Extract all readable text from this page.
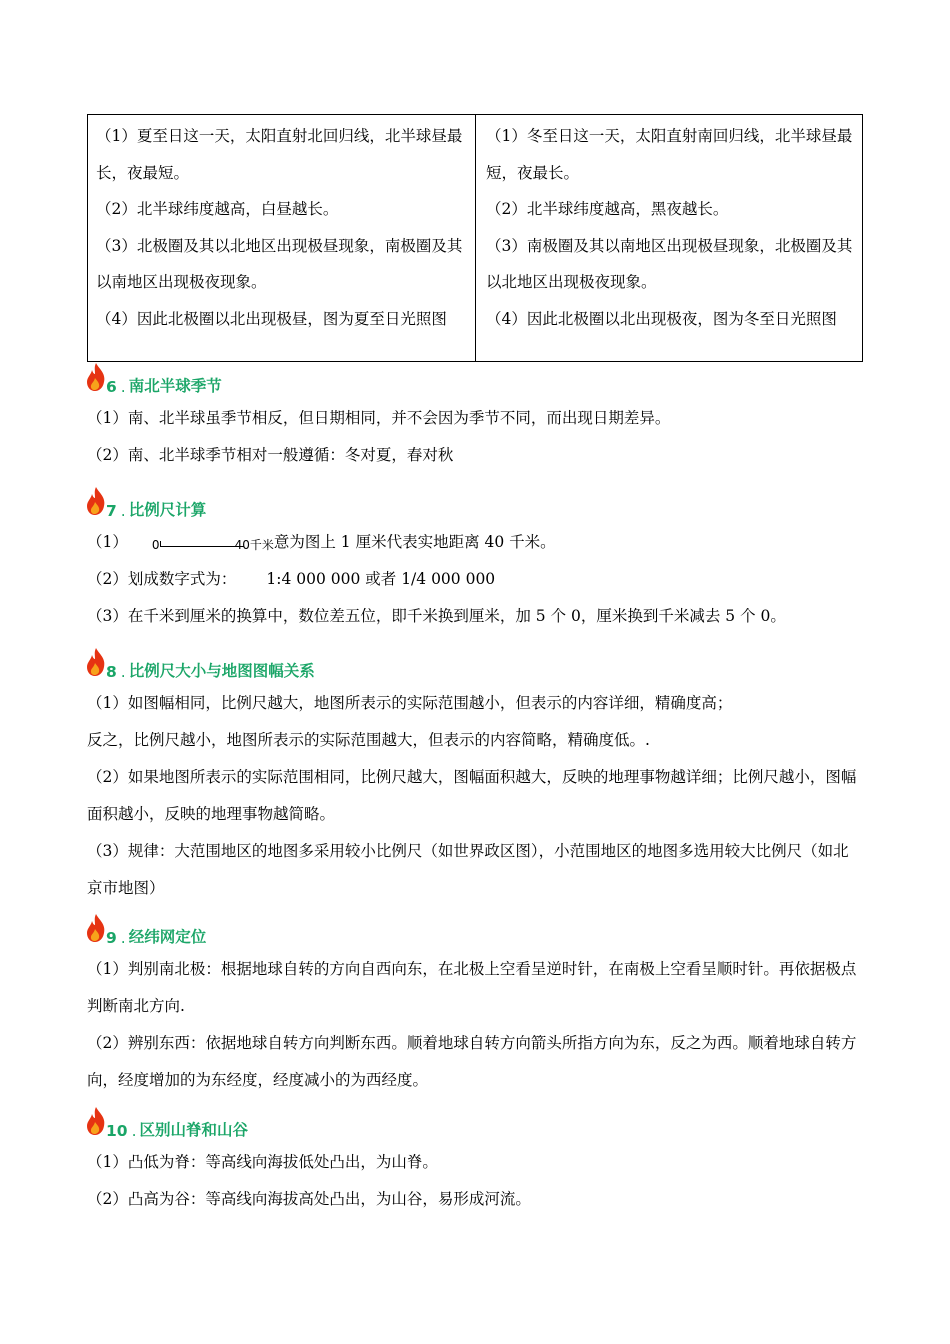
（1）夏至日这一天，太阳直射北回归线，北半球昼最长，夜最短。

（2）北半球纬度越高，白昼越长。

（3）北极圈及其以北地区出现极昼现象，南极圈及其以南地区出现极夜现象。

（4）因此北极圈以北出现极昼，图为夏至日光照图

（1）冬至日这一天，太阳直射南回归线，北半球昼最短，夜最长。

（2）北半球纬度越高，黑夜越长。

（3）南极圈及其以南地区出现极昼现象，北极圈及其以北地区出现极夜现象。

（4）因此北极圈以北出现极夜，图为冬至日光照图

6 . 南北半球季节

（1）南、北半球虽季节相反，但日期相同，并不会因为季节不同，而出现日期差异。

（2）南、北半球季节相对一般遵循：冬对夏，春对秋

7 . 比例尺计算

（1） 0	40千米 意为图上 1 厘米代表实地距离 40 千米。

（2）划成数字式为： 1:4 000 000 或者 1/4 000 000

（3）在千米到厘米的换算中，数位差五位，即千米换到厘米，加 5 个 0，厘米换到千米减去 5 个 0。

8 . 比例尺大小与地图图幅关系

（1）如图幅相同，比例尺越大，地图所表示的实际范围越小，但表示的内容详细，精确度高；

反之，比例尺越小，地图所表示的实际范围越大，但表示的内容简略，精确度低。.

（2）如果地图所表示的实际范围相同，比例尺越大，图幅面积越大，反映的地理事物越详细；比例尺越小，图幅面积越小，反映的地理事物越简略。

（3）规律：大范围地区的地图多采用较小比例尺（如世界政区图），小范围地区的地图多选用较大比例尺（如北京市地图）

9 . 经纬网定位

（1）判别南北极：根据地球自转的方向自西向东，在北极上空看呈逆时针，在南极上空看呈顺时针。再依据极点判断南北方向.

（2）辨别东西：依据地球自转方向判断东西。顺着地球自转方向箭头所指方向为东，反之为西。顺着地球自转方向，经度增加的为东经度，经度减小的为西经度。

10 . 区别山脊和山谷

（1）凸低为脊：等高线向海拔低处凸出，为山脊。

（2）凸高为谷：等高线向海拔高处凸出，为山谷，易形成河流。
